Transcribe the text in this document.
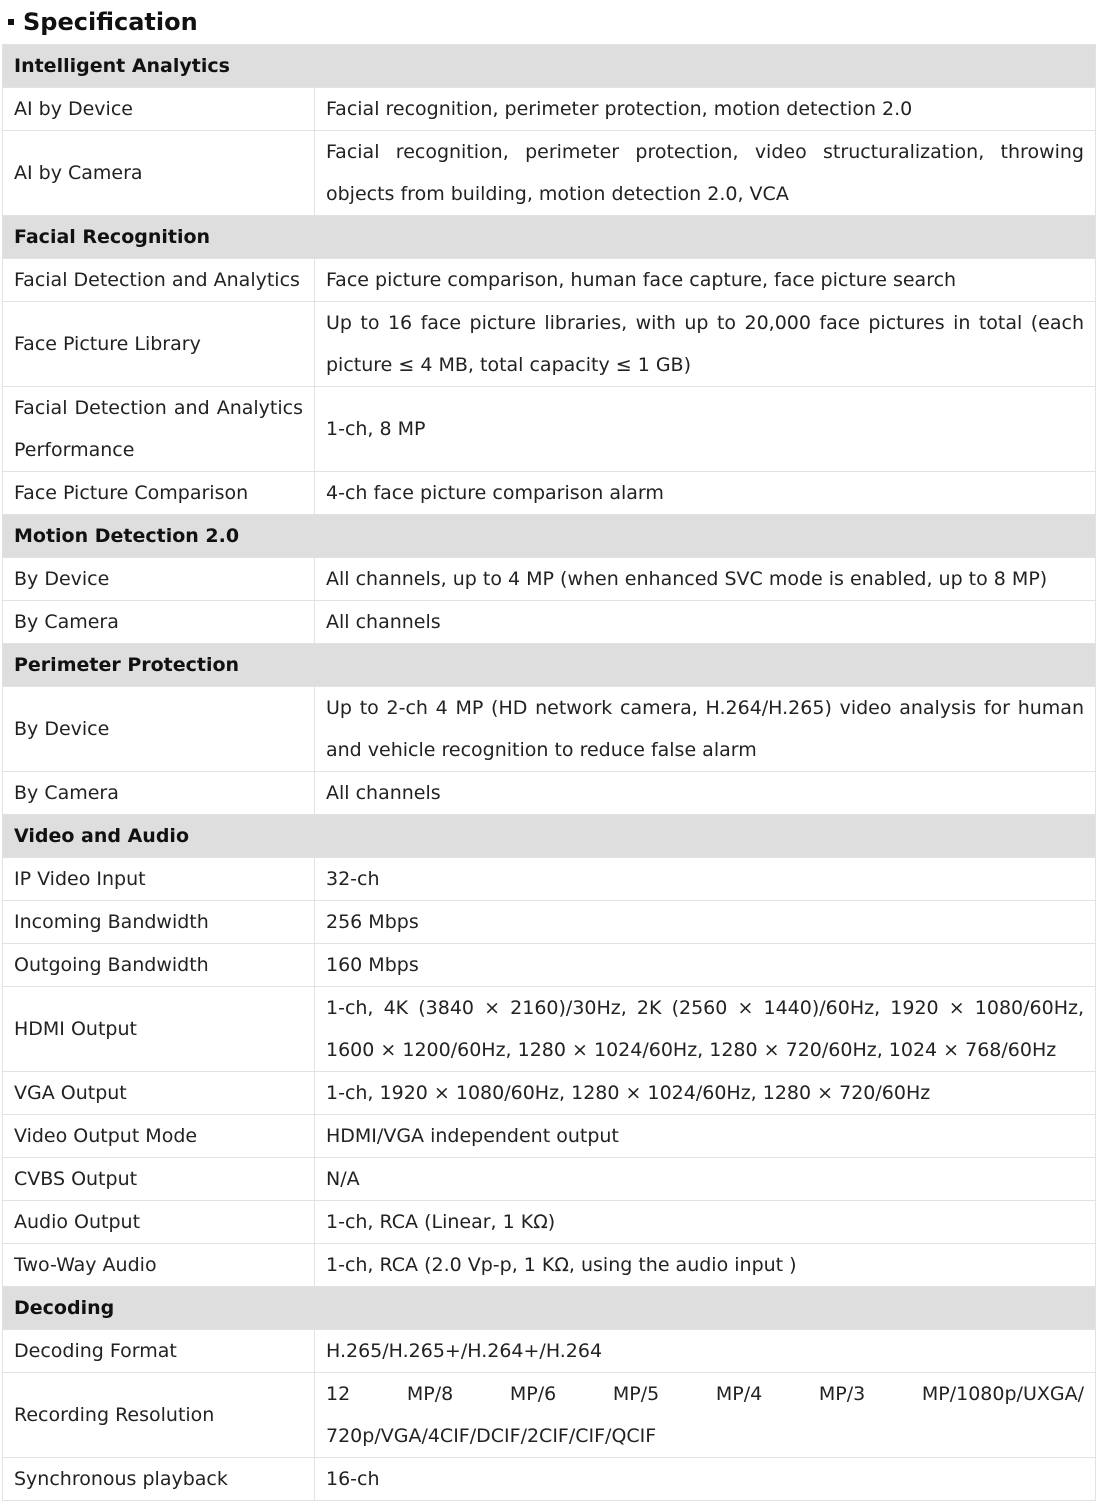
Specification
Intelligent Analytics	
AI by Device	Facial recognition, perimeter protection, motion detection 2.0
AI by Camera	Facial recognition, perimeter protection, video structuralization, throwing objects from building, motion detection 2.0, VCA
Facial Recognition	
Facial Detection and Analytics	Face picture comparison, human face capture, face picture search
Face Picture Library	Up to 16 face picture libraries, with up to 20,000 face pictures in total (each picture ≤ 4 MB, total capacity ≤ 1 GB)
Facial Detection and Analytics Performance	1-ch, 8 MP
Face Picture Comparison	4-ch face picture comparison alarm
Motion Detection 2.0	
By Device	All channels, up to 4 MP (when enhanced SVC mode is enabled, up to 8 MP)
By Camera	All channels
Perimeter Protection	
By Device	Up to 2-ch 4 MP (HD network camera, H.264/H.265) video analysis for human and vehicle recognition to reduce false alarm
By Camera	All channels
Video and Audio	
IP Video Input	32-ch
Incoming Bandwidth	256 Mbps
Outgoing Bandwidth	160 Mbps
HDMI Output	1-ch, 4K (3840 × 2160)/30Hz, 2K (2560 × 1440)/60Hz, 1920 × 1080/60Hz, 1600 × 1200/60Hz, 1280 × 1024/60Hz, 1280 × 720/60Hz, 1024 × 768/60Hz
VGA Output	1-ch, 1920 × 1080/60Hz, 1280 × 1024/60Hz, 1280 × 720/60Hz
Video Output Mode	HDMI/VGA independent output
CVBS Output	N/A
Audio Output	1-ch, RCA (Linear, 1 KΩ)
Two-Way Audio	1-ch, RCA (2.0 Vp-p, 1 KΩ, using the audio input )
Decoding	
Decoding Format	H.265/H.265+/H.264+/H.264
Recording Resolution	12 MP/8 MP/6 MP/5 MP/4 MP/3 MP/1080p/UXGA/ 720p/VGA/4CIF/DCIF/2CIF/CIF/QCIF
Synchronous playback	16-ch
